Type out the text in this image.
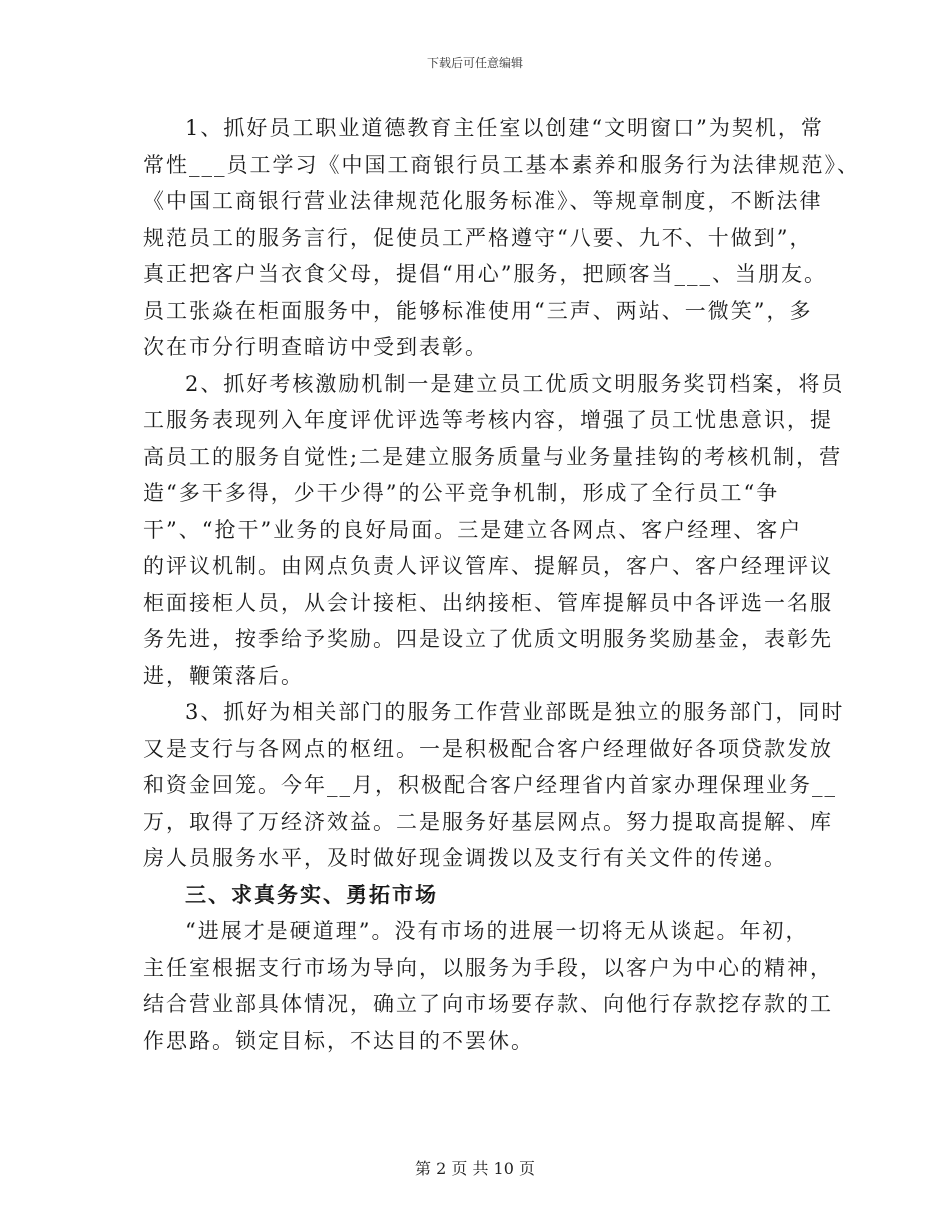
下载后可任意编辑
1、抓好员工职业道德教育主任室以创建“文明窗口”为契机，常
常性___员工学习《中国工商银行员工基本素养和服务行为法律规范》、
《中国工商银行营业法律规范化服务标准》、等规章制度，不断法律
规范员工的服务言行，促使员工严格遵守“八要、九不、十做到”，
真正把客户当衣食父母，提倡“用心”服务，把顾客当___、当朋友。
员工张焱在柜面服务中，能够标准使用“三声、两站、一微笑”，多
次在市分行明查暗访中受到表彰。
2、抓好考核激励机制一是建立员工优质文明服务奖罚档案，将员
工服务表现列入年度评优评选等考核内容，增强了员工忧患意识，提
高员工的服务自觉性;二是建立服务质量与业务量挂钩的考核机制，营
造“多干多得，少干少得”的公平竞争机制，形成了全行员工“争
干”、“抢干”业务的良好局面。三是建立各网点、客户经理、客户
的评议机制。由网点负责人评议管库、提解员，客户、客户经理评议
柜面接柜人员，从会计接柜、出纳接柜、管库提解员中各评选一名服
务先进，按季给予奖励。四是设立了优质文明服务奖励基金，表彰先
进，鞭策落后。
3、抓好为相关部门的服务工作营业部既是独立的服务部门，同时
又是支行与各网点的枢纽。一是积极配合客户经理做好各项贷款发放
和资金回笼。今年__月，积极配合客户经理省内首家办理保理业务__
万，取得了万经济效益。二是服务好基层网点。努力提取高提解、库
房人员服务水平，及时做好现金调拨以及支行有关文件的传递。
三、求真务实、勇拓市场
“进展才是硬道理”。没有市场的进展一切将无从谈起。年初，
主任室根据支行市场为导向，以服务为手段，以客户为中心的精神，
结合营业部具体情况，确立了向市场要存款、向他行存款挖存款的工
作思路。锁定目标，不达目的不罢休。
第 2 页 共 10 页
